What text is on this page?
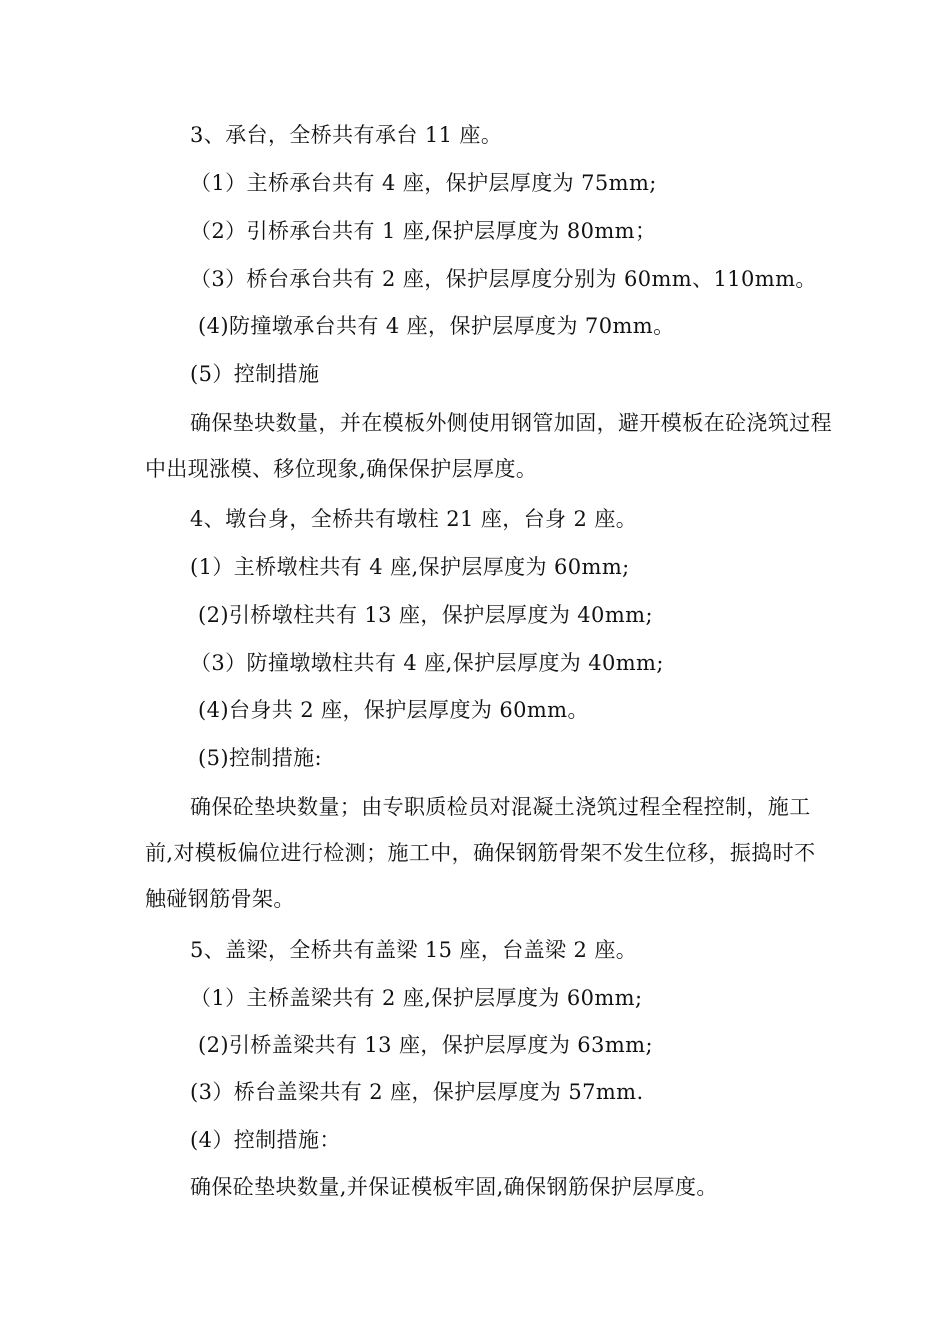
3、承台，全桥共有承台 11 座。

（1）主桥承台共有 4 座，保护层厚度为 75mm;

（2）引桥承台共有 1 座,保护层厚度为 80mm；

（3）桥台承台共有 2 座，保护层厚度分别为 60mm、110mm。

(4)防撞墩承台共有 4 座，保护层厚度为 70mm。

(5）控制措施

确保垫块数量，并在模板外侧使用钢管加固，避开模板在砼浇筑过程中出现涨模、移位现象,确保保护层厚度。

4、墩台身，全桥共有墩柱 21 座，台身 2 座。

(1）主桥墩柱共有 4 座,保护层厚度为 60mm;

(2)引桥墩柱共有 13 座，保护层厚度为 40mm;

（3）防撞墩墩柱共有 4 座,保护层厚度为 40mm;

(4)台身共 2 座，保护层厚度为 60mm。

(5)控制措施:

确保砼垫块数量；由专职质检员对混凝土浇筑过程全程控制，施工前,对模板偏位进行检测；施工中，确保钢筋骨架不发生位移，振捣时不触碰钢筋骨架。

5、盖梁，全桥共有盖梁 15 座，台盖梁 2 座。

（1）主桥盖梁共有 2 座,保护层厚度为 60mm;

(2)引桥盖梁共有 13 座，保护层厚度为 63mm;

(3）桥台盖梁共有 2 座，保护层厚度为 57mm.

(4）控制措施：

确保砼垫块数量,并保证模板牢固,确保钢筋保护层厚度。
